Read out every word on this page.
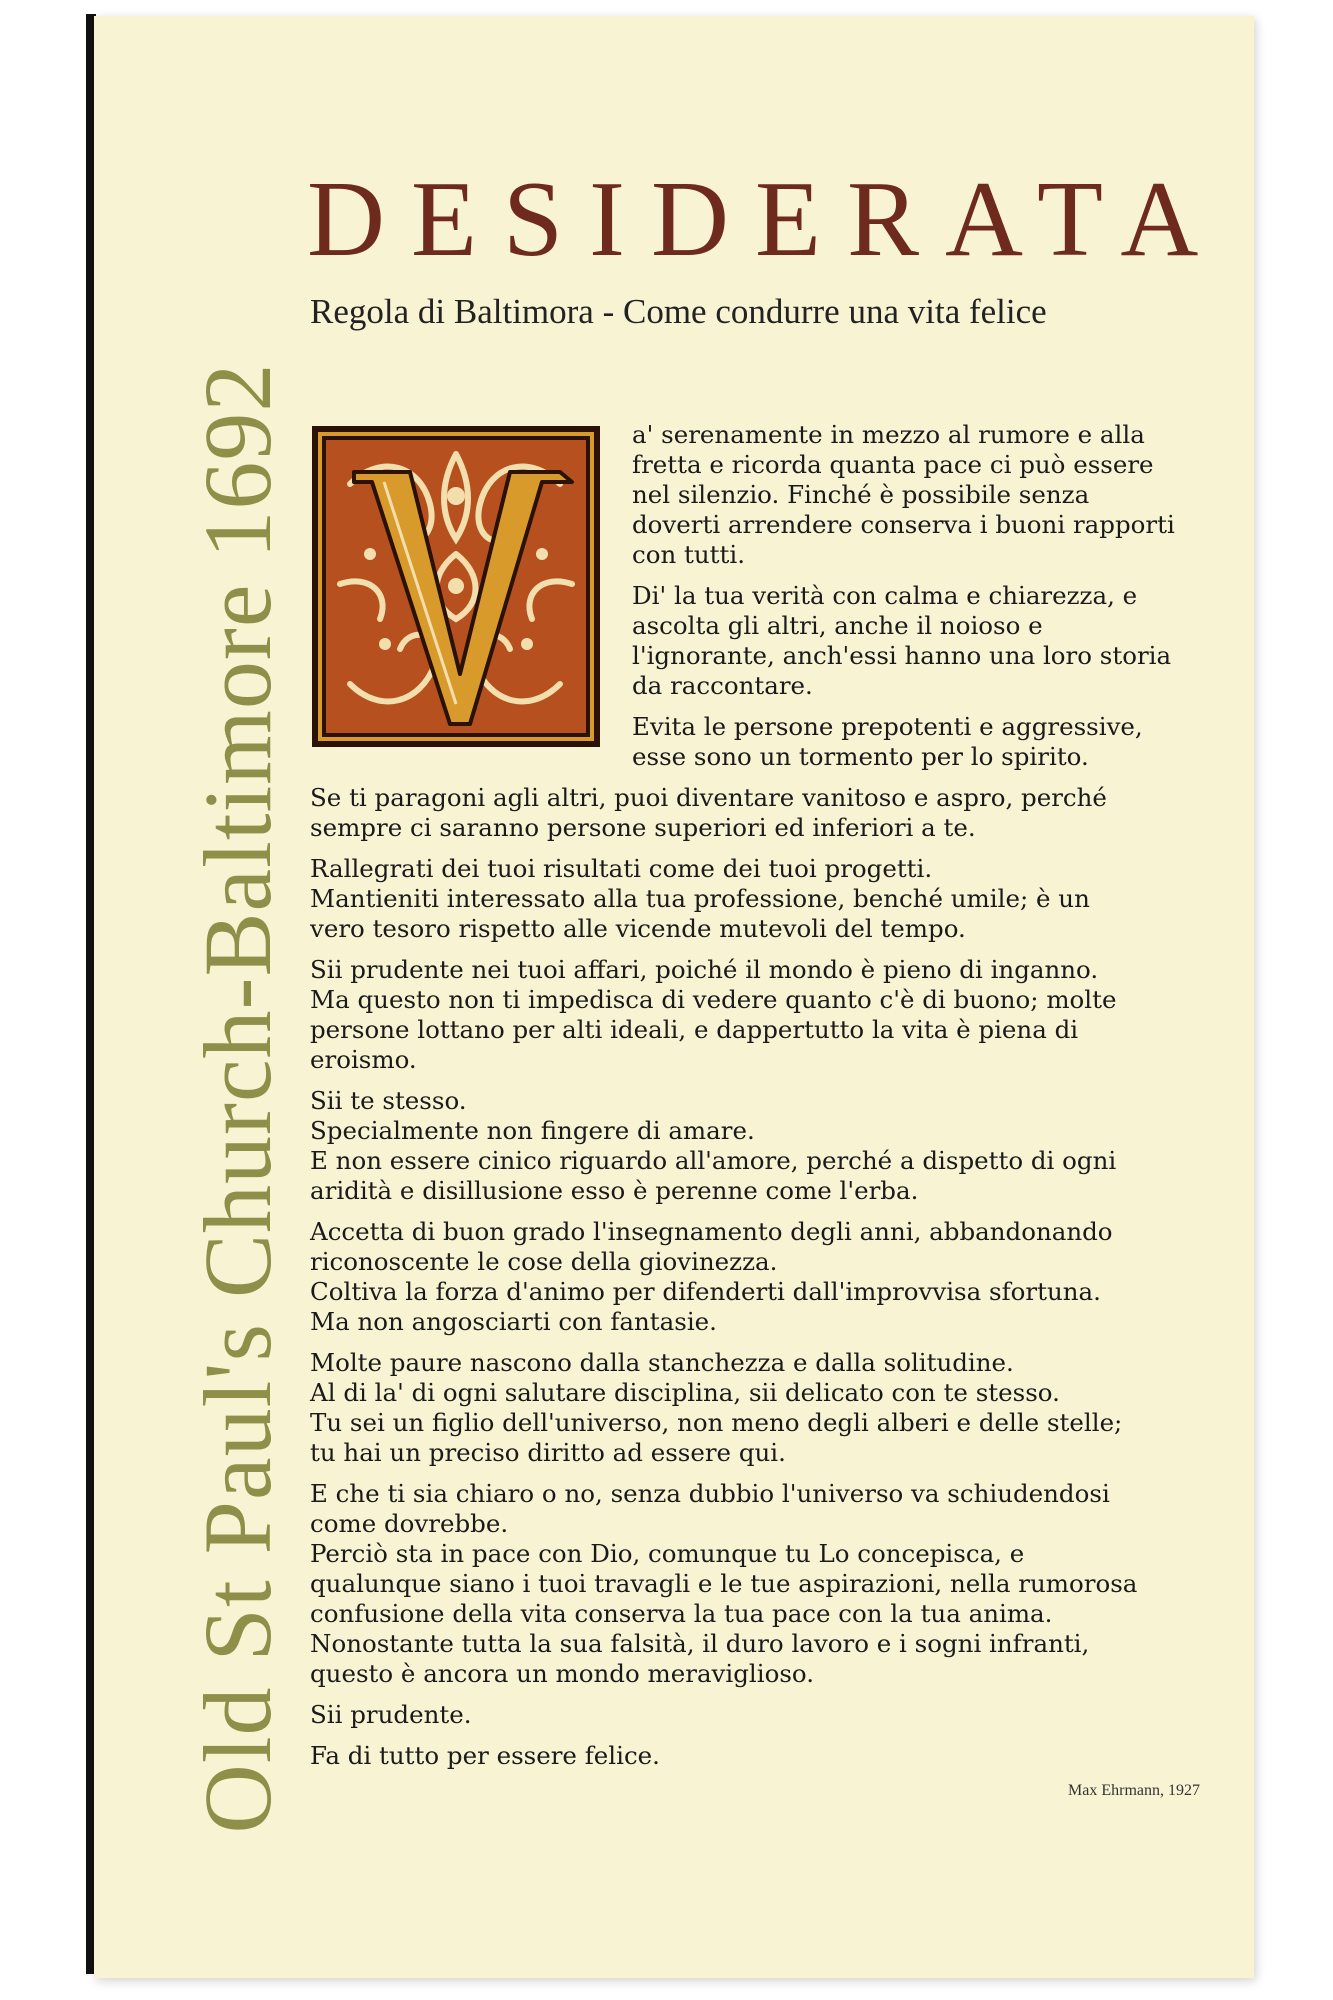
Old St Paul's Church-Baltimore 1692
DESIDERATA
Regola di Baltimora - Come condurre una vita felice

a' serenamente in mezzo al rumore e alla
fretta e ricorda quanta pace ci può essere
nel silenzio. Finché è possibile senza
doverti arrendere conserva i buoni rapporti
con tutti.

Di' la tua verità con calma e chiarezza, e
ascolta gli altri, anche il noioso e
l'ignorante, anch'essi hanno una loro storia
da raccontare.

Evita le persone prepotenti e aggressive,
esse sono un tormento per lo spirito.

Se ti paragoni agli altri, puoi diventare vanitoso e aspro, perché
sempre ci saranno persone superiori ed inferiori a te.

Rallegrati dei tuoi risultati come dei tuoi progetti.
Mantieniti interessato alla tua professione, benché umile; è un
vero tesoro rispetto alle vicende mutevoli del tempo.

Sii prudente nei tuoi affari, poiché il mondo è pieno di inganno.
Ma questo non ti impedisca di vedere quanto c'è di buono; molte
persone lottano per alti ideali, e dappertutto la vita è piena di
eroismo.

Sii te stesso.
Specialmente non fingere di amare.
E non essere cinico riguardo all'amore, perché a dispetto di ogni
aridità e disillusione esso è perenne come l'erba.

Accetta di buon grado l'insegnamento degli anni, abbandonando
riconoscente le cose della giovinezza.
Coltiva la forza d'animo per difenderti dall'improvvisa sfortuna.
Ma non angosciarti con fantasie.

Molte paure nascono dalla stanchezza e dalla solitudine.
Al di la' di ogni salutare disciplina, sii delicato con te stesso.
Tu sei un figlio dell'universo, non meno degli alberi e delle stelle;
tu hai un preciso diritto ad essere qui.

E che ti sia chiaro o no, senza dubbio l'universo va schiudendosi
come dovrebbe.
Perciò sta in pace con Dio, comunque tu Lo concepisca, e
qualunque siano i tuoi travagli e le tue aspirazioni, nella rumorosa
confusione della vita conserva la tua pace con la tua anima.
Nonostante tutta la sua falsità, il duro lavoro e i sogni infranti,
questo è ancora un mondo meraviglioso.

Sii prudente.

Fa di tutto per essere felice.

Max Ehrmann, 1927
